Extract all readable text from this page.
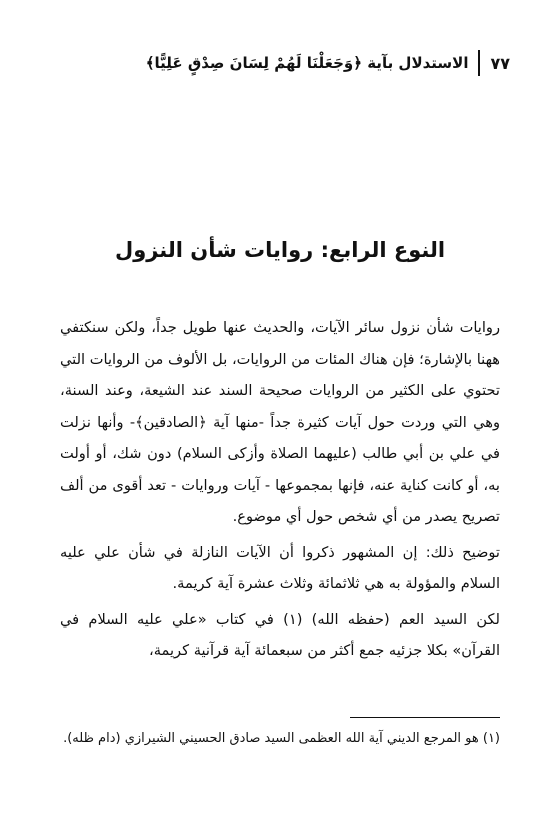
٧٧
الاستدلال بآية ﴿وَجَعَلْنَا لَهُمْ لِسَانَ صِدْقٍ عَلِيًّا﴾
النوع الرابع: روايات شأن النزول

روايات شأن نزول سائر الآيات، والحديث عنها طويل جداً، ولكن سنكتفي ههنا بالإشارة؛ فإن هناك المئات من الروايات، بل الألوف من الروايات التي تحتوي على الكثير من الروايات صحيحة السند عند الشيعة، وعند السنة، وهي التي وردت حول آيات كثيرة جداً -منها آية ﴿الصادقين﴾- وأنها نزلت في علي بن أبي طالب (عليهما الصلاة وأزكى السلام) دون شك، أو أولت به، أو كانت كناية عنه، فإنها بمجموعها - آيات وروايات - تعد أقوى من ألف تصريح يصدر من أي شخص حول أي موضوع.

توضيح ذلك: إن المشهور ذكروا أن الآيات النازلة في شأن علي عليه السلام والمؤولة به هي ثلاثمائة وثلاث عشرة آية كريمة.

لكن السيد العم (حفظه الله) (١) في كتاب «علي عليه السلام في القرآن» بكلا جزئيه جمع أكثر من سبعمائة آية قرآنية كريمة،

(١) هو المرجع الديني آية الله العظمى السيد صادق الحسيني الشيرازي (دام ظله).
